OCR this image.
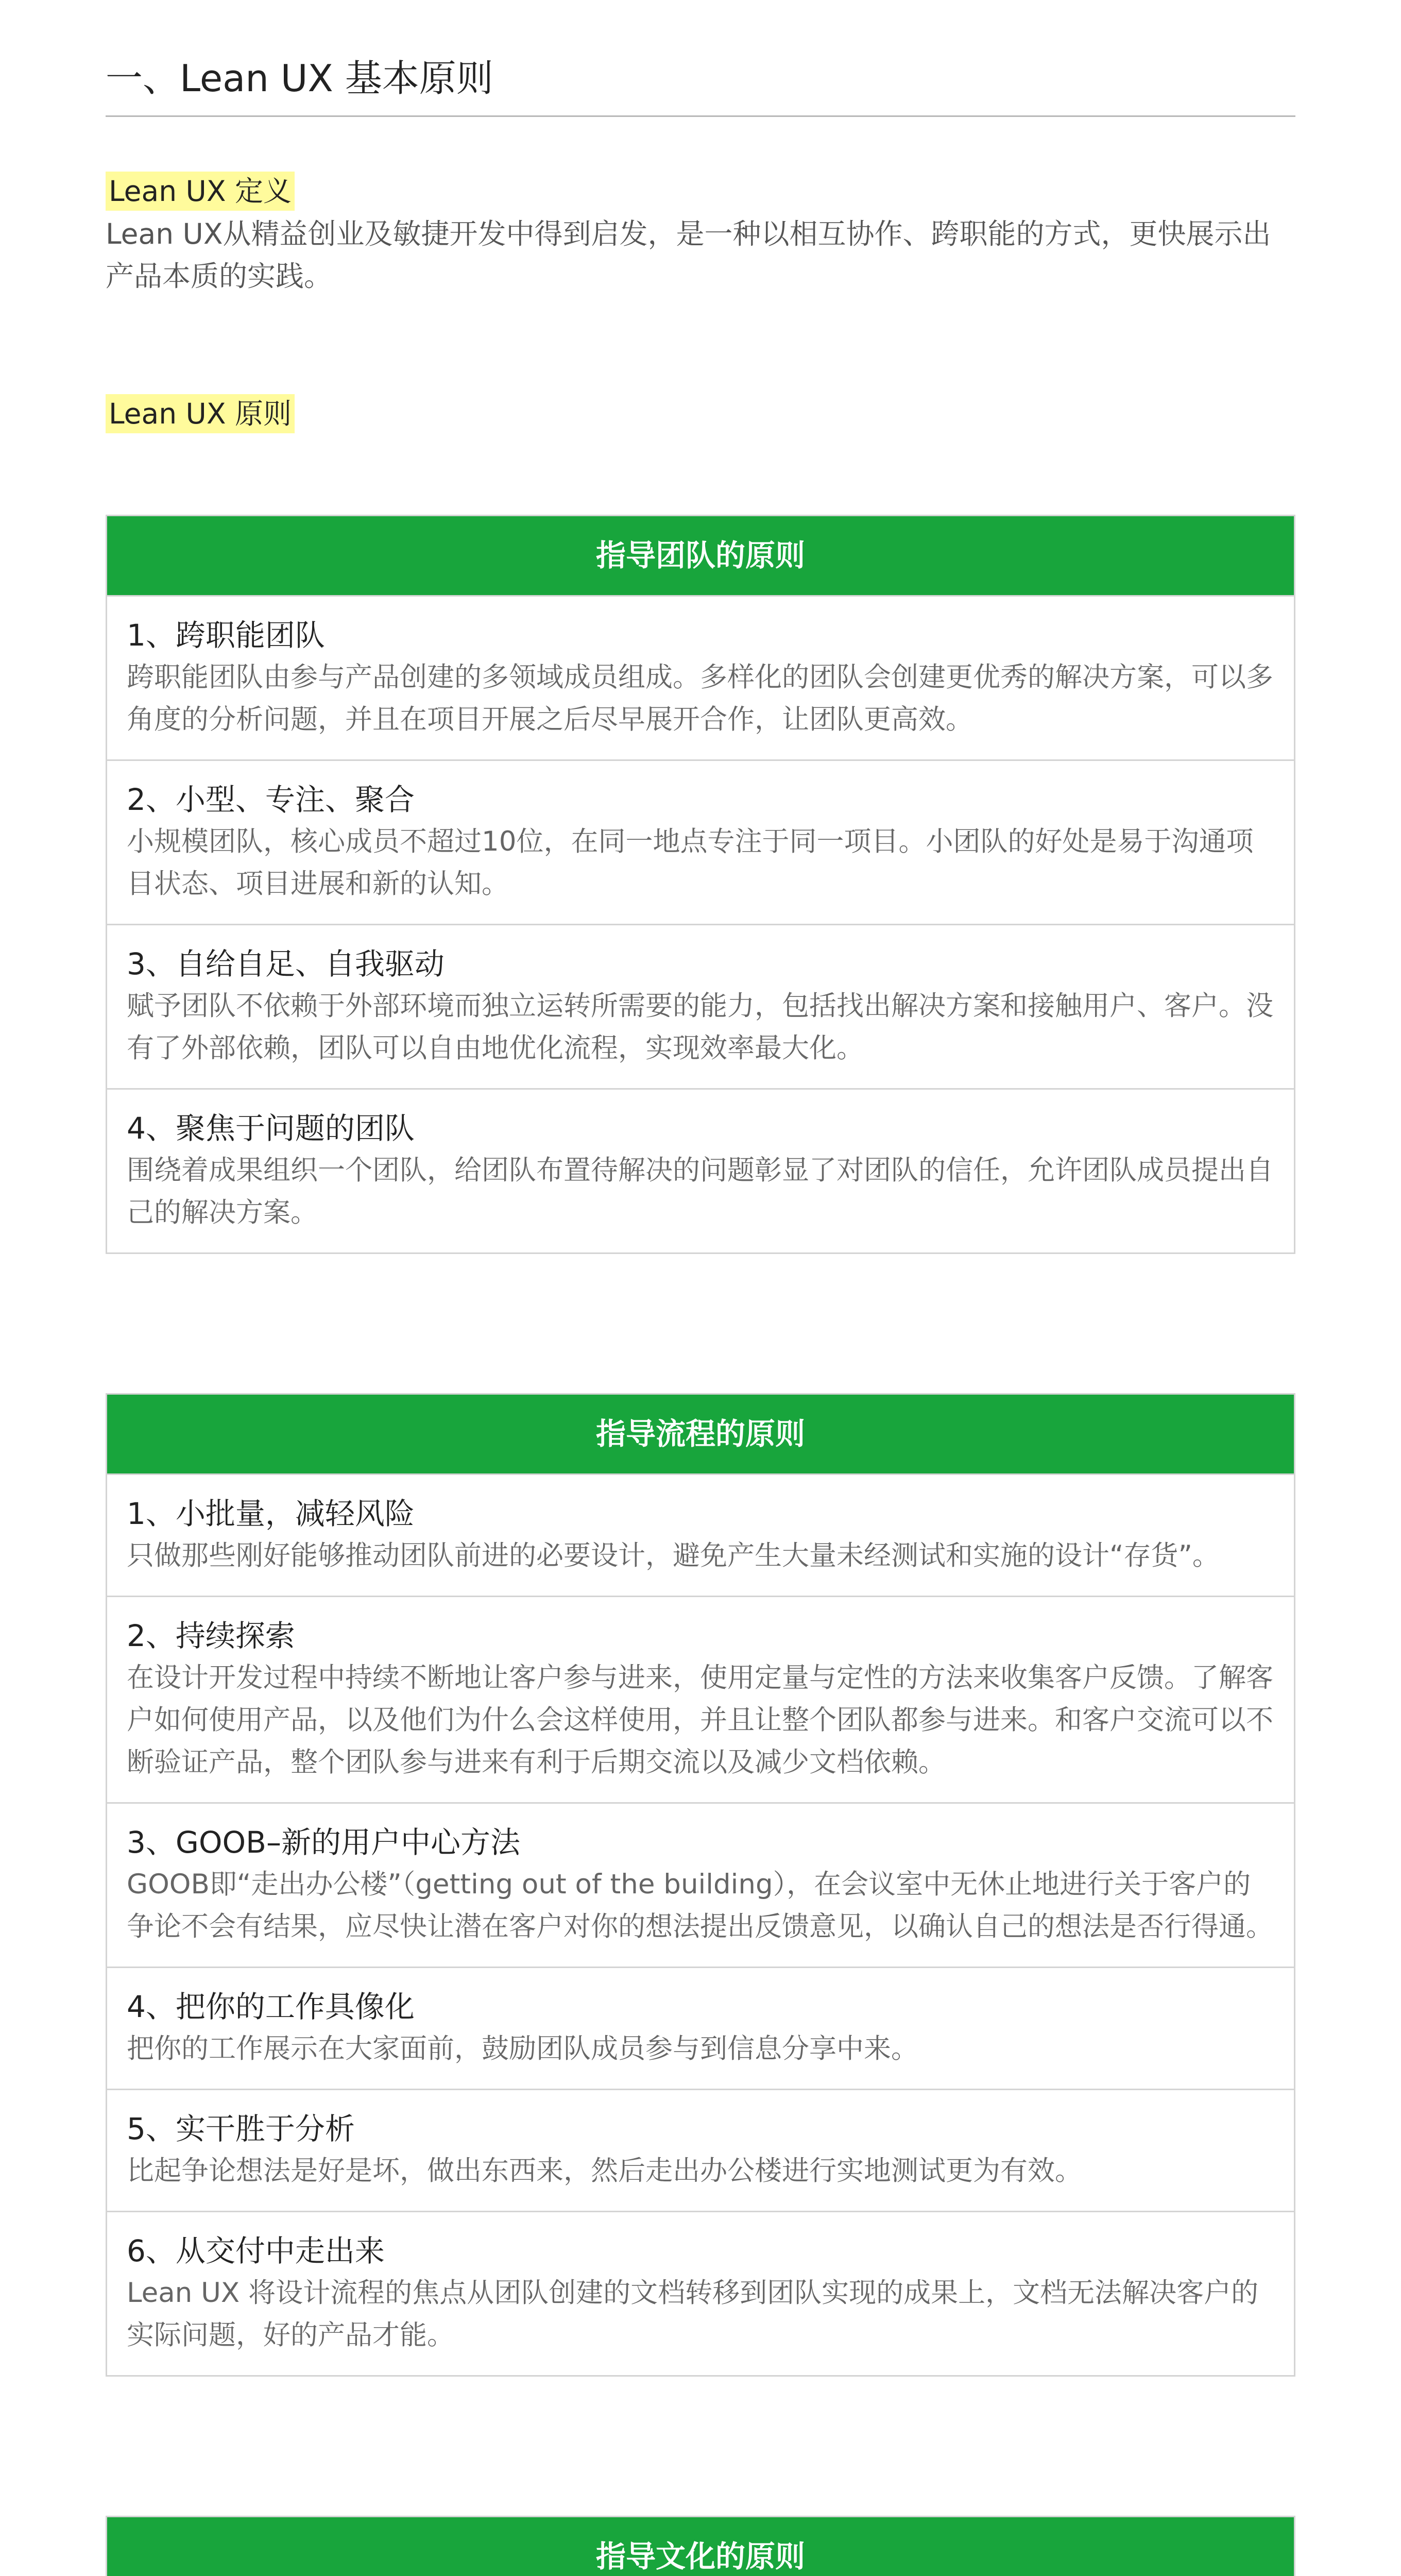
一、Lean UX 基本原则
Lean UX 定义

Lean UX从精益创业及敏捷开发中得到启发，是一种以相互协作、跨职能的方式，更快展示出产品本质的实践。

Lean UX 原则
指导团队的原则
1、跨职能团队
跨职能团队由参与产品创建的多领域成员组成。多样化的团队会创建更优秀的解决方案，可以多角度的分析问题，并且在项目开展之后尽早展开合作，让团队更高效。
2、小型、专注、聚合
小规模团队，核心成员不超过10位，在同一地点专注于同一项目。小团队的好处是易于沟通项目状态、项目进展和新的认知。
3、自给自足、自我驱动
赋予团队不依赖于外部环境而独立运转所需要的能力，包括找出解决方案和接触用户、客户。没有了外部依赖，团队可以自由地优化流程，实现效率最大化。
4、聚焦于问题的团队
围绕着成果组织一个团队，给团队布置待解决的问题彰显了对团队的信任，允许团队成员提出自己的解决方案。
指导流程的原则
1、小批量，减轻风险
只做那些刚好能够推动团队前进的必要设计，避免产生大量未经测试和实施的设计“存货”。
2、持续探索
在设计开发过程中持续不断地让客户参与进来，使用定量与定性的方法来收集客户反馈。了解客户如何使用产品，以及他们为什么会这样使用，并且让整个团队都参与进来。和客户交流可以不断验证产品，整个团队参与进来有利于后期交流以及减少文档依赖。
3、GOOB–新的用户中心方法
GOOB即“走出办公楼”（getting out of the building），在会议室中无休止地进行关于客户的争论不会有结果，应尽快让潜在客户对你的想法提出反馈意见，以确认自己的想法是否行得通。
4、把你的工作具像化
把你的工作展示在大家面前，鼓励团队成员参与到信息分享中来。
5、实干胜于分析
比起争论想法是好是坏，做出东西来，然后走出办公楼进行实地测试更为有效。
6、从交付中走出来
Lean UX 将设计流程的焦点从团队创建的文档转移到团队实现的成果上，文档无法解决客户的实际问题，好的产品才能。
指导文化的原则
